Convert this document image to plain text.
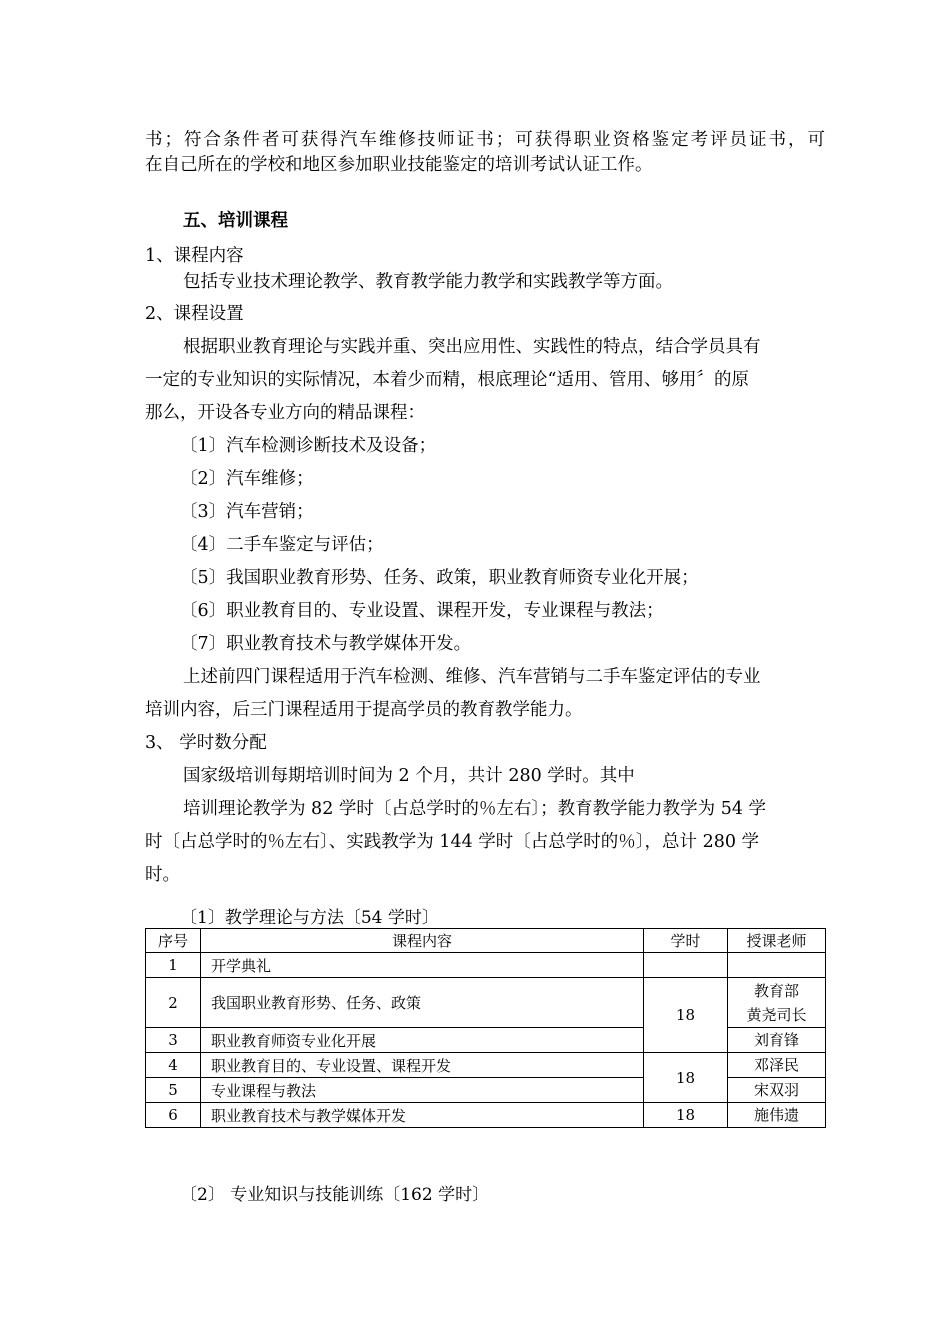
书；符合条件者可获得汽车维修技师证书；可获得职业资格鉴定考评员证书，可
在自己所在的学校和地区参加职业技能鉴定的培训考试认证工作。
五、培训课程
1、课程内容
包括专业技术理论教学、教育教学能力教学和实践教学等方面。
2、课程设置
根据职业教育理论与实践并重、突出应用性、实践性的特点，结合学员具有
一定的专业知识的实际情况，本着少而精，根底理论“适用、管用、够用〞的原
那么，开设各专业方向的精品课程：
〔1〕汽车检测诊断技术及设备；
〔2〕汽车维修；
〔3〕汽车营销；
〔4〕二手车鉴定与评估；
〔5〕我国职业教育形势、任务、政策，职业教育师资专业化开展；
〔6〕职业教育目的、专业设置、课程开发，专业课程与教法；
〔7〕职业教育技术与教学媒体开发。
上述前四门课程适用于汽车检测、维修、汽车营销与二手车鉴定评估的专业
培训内容，后三门课程适用于提高学员的教育教学能力。
3、 学时数分配
国家级培训每期培训时间为 2 个月，共计 280 学时。其中
培训理论教学为 82 学时〔占总学时的％左右〕；教育教学能力教学为 54 学
时〔占总学时的％左右〕、实践教学为 144 学时〔占总学时的％〕，总计 280 学
时。
〔1〕教学理论与方法〔54 学时〕
序号	课程内容	学时	授课老师
1	开学典礼		
2	我国职业教育形势、任务、政策	18	教育部
黄尧司长

3	职业教育师资专业化开展		刘育锋
4	职业教育目的、专业设置、课程开发	18	邓泽民
5	专业课程与教法		宋双羽
6	职业教育技术与教学媒体开发	18	施伟遗
〔2〕 专业知识与技能训练〔162 学时〕
